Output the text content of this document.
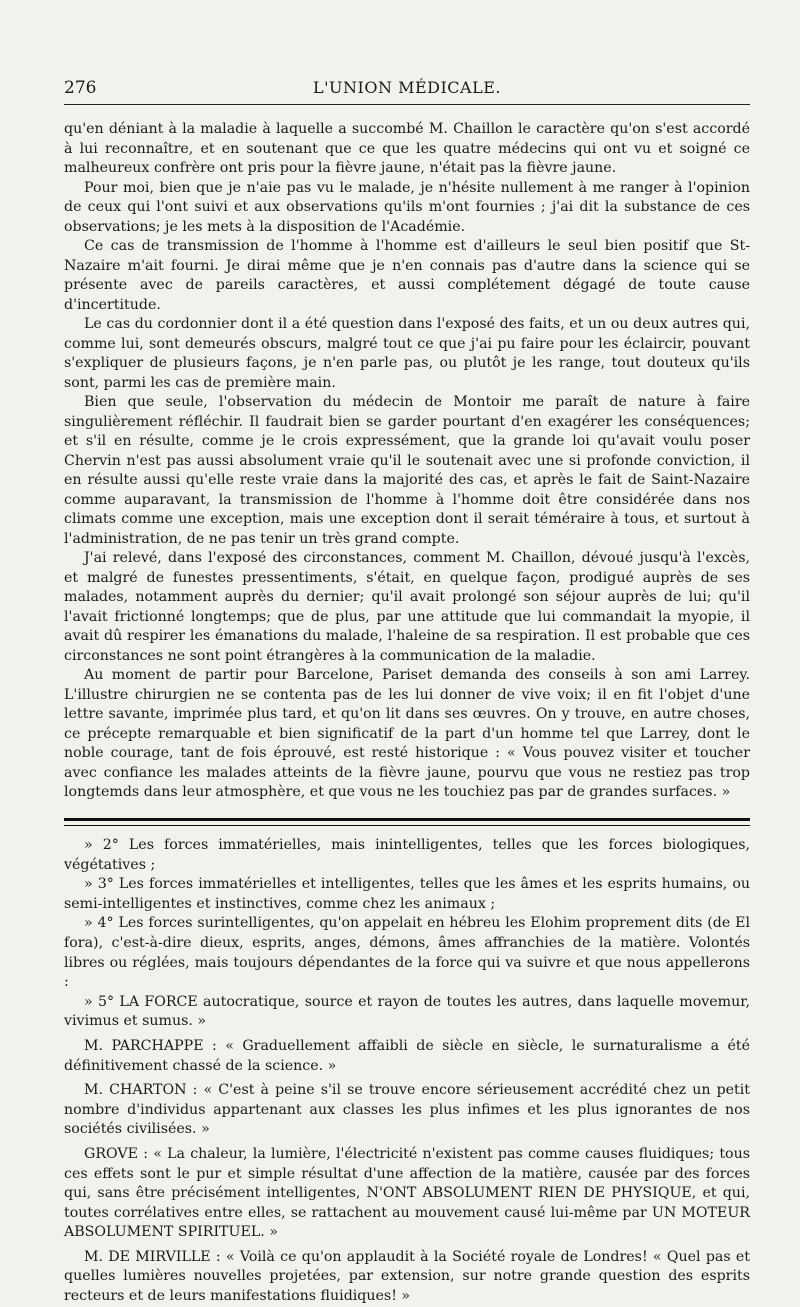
276	L'UNION MÉDICALE.

qu'en déniant à la maladie à laquelle a succombé M. Chaillon le caractère qu'on s'est accordé à lui reconnaître, et en soutenant que ce que les quatre médecins qui ont vu et soigné ce malheureux confrère ont pris pour la fièvre jaune, n'était pas la fièvre jaune.

Pour moi, bien que je n'aie pas vu le malade, je n'hésite nullement à me ranger à l'opinion de ceux qui l'ont suivi et aux observations qu'ils m'ont fournies ; j'ai dit la substance de ces observations; je les mets à la disposition de l'Académie.

Ce cas de transmission de l'homme à l'homme est d'ailleurs le seul bien positif que St-Nazaire m'ait fourni. Je dirai même que je n'en connais pas d'autre dans la science qui se présente avec de pareils caractères, et aussi complétement dégagé de toute cause d'incertitude.

Le cas du cordonnier dont il a été question dans l'exposé des faits, et un ou deux autres qui, comme lui, sont demeurés obscurs, malgré tout ce que j'ai pu faire pour les éclaircir, pouvant s'expliquer de plusieurs façons, je n'en parle pas, ou plutôt je les range, tout douteux qu'ils sont, parmi les cas de première main.

Bien que seule, l'observation du médecin de Montoir me paraît de nature à faire singulièrement réfléchir. Il faudrait bien se garder pourtant d'en exagérer les conséquences; et s'il en résulte, comme je le crois expressément, que la grande loi qu'avait voulu poser Chervin n'est pas aussi absolument vraie qu'il le soutenait avec une si profonde conviction, il en résulte aussi qu'elle reste vraie dans la majorité des cas, et après le fait de Saint-Nazaire comme auparavant, la transmission de l'homme à l'homme doit être considérée dans nos climats comme une exception, mais une exception dont il serait téméraire à tous, et surtout à l'administration, de ne pas tenir un très grand compte.

J'ai relevé, dans l'exposé des circonstances, comment M. Chaillon, dévoué jusqu'à l'excès, et malgré de funestes pressentiments, s'était, en quelque façon, prodigué auprès de ses malades, notamment auprès du dernier; qu'il avait prolongé son séjour auprès de lui; qu'il l'avait frictionné longtemps; que de plus, par une attitude que lui commandait la myopie, il avait dû respirer les émanations du malade, l'haleine de sa respiration. Il est probable que ces circonstances ne sont point étrangères à la communication de la maladie.

Au moment de partir pour Barcelone, Pariset demanda des conseils à son ami Larrey. L'illustre chirurgien ne se contenta pas de les lui donner de vive voix; il en fit l'objet d'une lettre savante, imprimée plus tard, et qu'on lit dans ses œuvres. On y trouve, en autre choses, ce précepte remarquable et bien significatif de la part d'un homme tel que Larrey, dont le noble courage, tant de fois éprouvé, est resté historique : « Vous pouvez visiter et toucher avec confiance les malades atteints de la fièvre jaune, pourvu que vous ne restiez pas trop longtemds dans leur atmosphère, et que vous ne les touchiez pas par de grandes surfaces. »

» 2° Les forces immatérielles, mais inintelligentes, telles que les forces biologiques, végétatives ;

» 3° Les forces immatérielles et intelligentes, telles que les âmes et les esprits humains, ou semi-intelligentes et instinctives, comme chez les animaux ;

» 4° Les forces surintelligentes, qu'on appelait en hébreu les Elohim proprement dits (de El fora), c'est-à-dire dieux, esprits, anges, démons, âmes affranchies de la matière. Volontés libres ou réglées, mais toujours dépendantes de la force qui va suivre et que nous appellerons :

» 5° LA FORCE autocratique, source et rayon de toutes les autres, dans laquelle movemur, vivimus et sumus. »

M. PARCHAPPE : « Graduellement affaibli de siècle en siècle, le surnaturalisme a été définitivement chassé de la science. »

M. CHARTON : « C'est à peine s'il se trouve encore sérieusement accrédité chez un petit nombre d'individus appartenant aux classes les plus infimes et les plus ignorantes de nos sociétés civilisées. »

GROVE : « La chaleur, la lumière, l'électricité n'existent pas comme causes fluidiques; tous ces effets sont le pur et simple résultat d'une affection de la matière, causée par des forces qui, sans être précisément intelligentes, N'ONT ABSOLUMENT RIEN DE PHYSIQUE, et qui, toutes corrélatives entre elles, se rattachent au mouvement causé lui-même par UN MOTEUR ABSOLUMENT SPIRITUEL. »

M. DE MIRVILLE : « Voilà ce qu'on applaudit à la Société royale de Londres! « Quel pas et quelles lumières nouvelles projetées, par extension, sur notre grande question des esprits recteurs et de leurs manifestations fluidiques! »
